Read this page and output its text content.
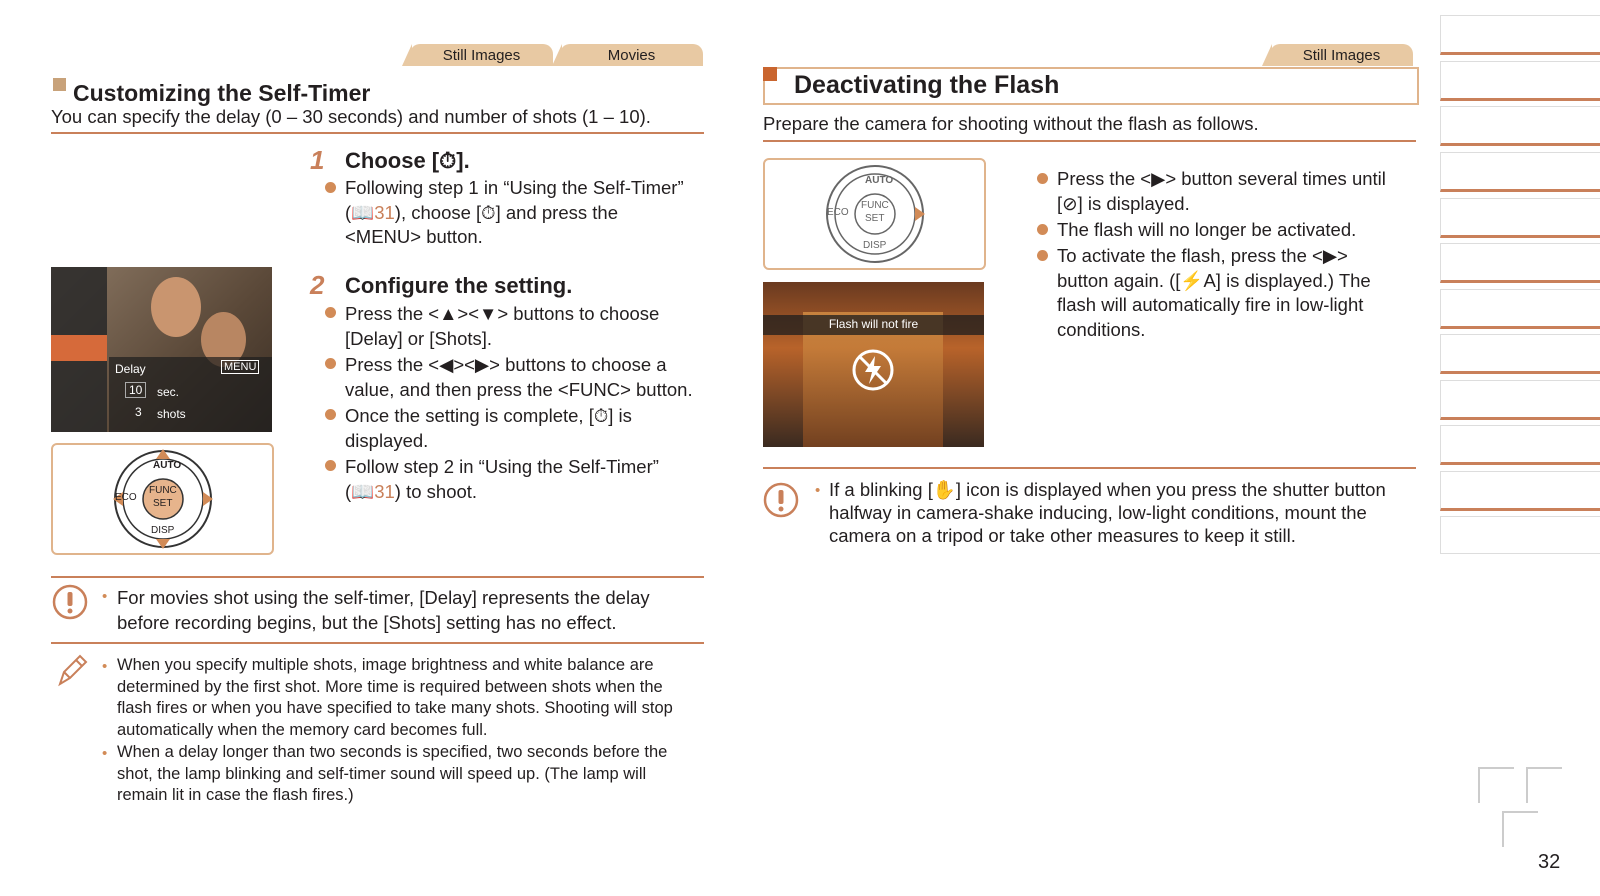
Still Images	Movies
Customizing the Self-Timer
You can specify the delay (0 – 30 seconds) and number of shots (1 – 10).
1 Choose [⏱].
Following step 1 in “Using the Self-Timer”
(📖31), choose [⏱] and press the
<MENU> button.
Delay	MENU
10	sec.
3 shots
AUTO
FUNC
SET
DISP
ECO
2 Configure the setting.
Press the <▲><▼> buttons to choose
[Delay] or [Shots].
Press the <◀><▶> buttons to choose a
value, and then press the <FUNC> button.
Once the setting is complete, [⏱] is
displayed.
Follow step 2 in “Using the Self-Timer”
(📖31) to shoot.
• For movies shot using the self-timer, [Delay] represents the delay
before recording begins, but the [Shots] setting has no effect.
• When you specify multiple shots, image brightness and white balance are
determined by the first shot. More time is required between shots when the
flash fires or when you have specified to take many shots. Shooting will stop
automatically when the memory card becomes full.
• When a delay longer than two seconds is specified, two seconds before the
shot, the lamp blinking and self-timer sound will speed up. (The lamp will
remain lit in case the flash fires.)
Still Images
Deactivating the Flash
Prepare the camera for shooting without the flash as follows.
AUTO
FUNC
SET
DISP
ECO
Flash will not fire
Press the <▶> button several times until
[⊘] is displayed.
The flash will no longer be activated.
To activate the flash, press the <▶>
button again. ([⚡A] is displayed.) The
flash will automatically fire in low-light
conditions.
• If a blinking [✋] icon is displayed when you press the shutter button
halfway in camera-shake inducing, low-light conditions, mount the
camera on a tripod or take other measures to keep it still.
32
